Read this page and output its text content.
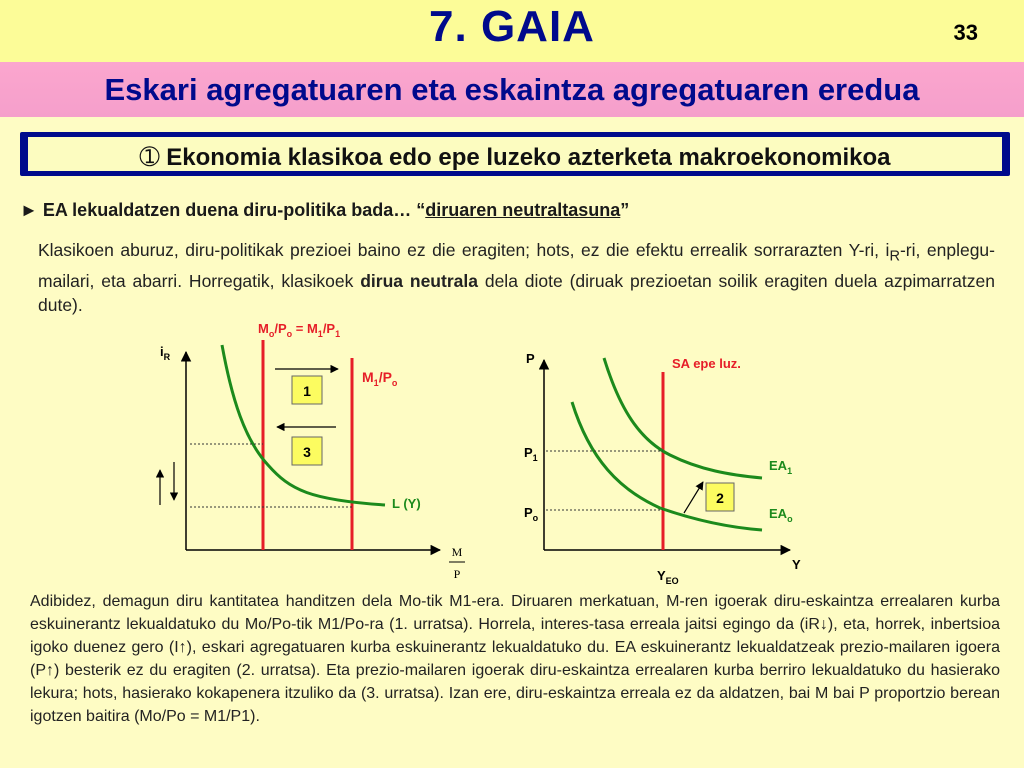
7. GAIA	33
Eskari agregatuaren eta eskaintza agregatuaren eredua
➀ Ekonomia klasikoa edo epe luzeko azterketa makroekonomikoa
► EA lekualdatzen duena diru-politika bada… “diruaren neutraltasuna”
Klasikoen aburuz, diru-politikak prezioei baino ez die eragiten; hots, ez die efektu errealik sorrarazten Y-ri, $i_R-ri$, enplegu-mailari, eta abarri. Horregatik, klasikoek dirua neutrala dela diote (diruak prezioetan soilik eragiten duela azpimarratzen dute).
$i_R$
$M_o/P_o = M_1/P_1$
$M_1/P_o$
L (Y)
1
3
M
P
P	SA epe luz.
$P_1$
$P_o$
$EA_1$
$EA_o$
2
Y
$Y_{EO}$
Adibidez, demagun diru kantitatea handitzen dela Mo-tik M1-era. Diruaren merkatuan, M-ren igoerak diru-eskaintza errealaren kurba eskuinerantz lekualdatuko du Mo/Po-tik M1/Po-ra (1. urratsa). Horrela, interes-tasa erreala jaitsi egingo da (iR↓), eta, horrek, inbertsioa igoko duenez gero (I↑), eskari agregatuaren kurba eskuinerantz lekualdatuko du. EA eskuinerantz lekualdatzeak prezio-mailaren igoera (P↑) besterik ez du eragiten (2. urratsa). Eta prezio-mailaren igoerak diru-eskaintza errealaren kurba berriro lekualdatuko du hasierako lekura; hots, hasierako kokapenera itzuliko da (3. urratsa). Izan ere, diru-eskaintza erreala ez da aldatzen, bai M bai P proportzio berean igotzen baitira (Mo/Po = M1/P1).
